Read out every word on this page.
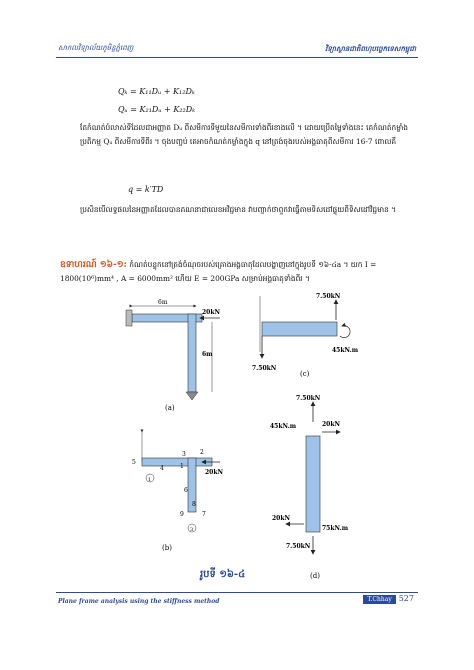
សាកលវិទ្យាល័យភូមិន្ទភ្នំពេញ	វិទ្យាស្ថានជាតិពហុបច្ចេកទេសកម្ពុជា
Qₖ = K₁₁Dᵤ + K₁₂Dₖ
Qᵤ = K₂₁Dᵤ + K₂₂Dₖ

តែកំណត់បំលាស់ទីដែលជាអញ្ញាត Dᵤ ពីសមីការទីមួយនៃសមីការទាំងពីរខាងលើ ។ ដោយប្រើតម្លៃទាំងនេះ គេកំណត់កម្លាំងប្រតិកម្ម Qᵤ ពីសមីការទីពីរ ។ ចុងបញ្ចប់ គេអាចកំណត់កម្លាំងក្នុង q នៅត្រង់ចុងរបស់អង្គធាតុពីសមីការ 16-7 ពោលគឺ

q = k′TD

ប្រសិនបើលទ្ធផលនៃអញ្ញាតដែលបានគណនាជាលេខអវិជ្ជមាន វាបញ្ជាក់ថាពួកវាធ្វើតាមទិសដៅផ្ទុយពីទិសដៅវិជ្ជមាន ។

ឧទាហរណ៍ ១៦-១: កំណត់បន្ទុកនៅត្រង់ចំណុចរបស់គ្រោងអង្គធាតុដែលបង្ហាញនៅក្នុងរូបទី ១៦-៤a ។ យក I = 1800(10⁶)mm⁴ , A = 6000mm² ហើយ E = 200GPa សម្រាប់អង្គធាតុទាំងពីរ ។

6m
20kN
6m
(a)
7.50kN
7.50kN
45kN.m
(c)
1
3
5
4	1
3 2
6
8
9	7
20kN
(b)
7.50kN
45kN.m	20kN
20kN
75kN.m
7.50kN
(d)
រូបទី ១៦-៤
Plane frame analysis using the stiffness method	T.Chhay 527
